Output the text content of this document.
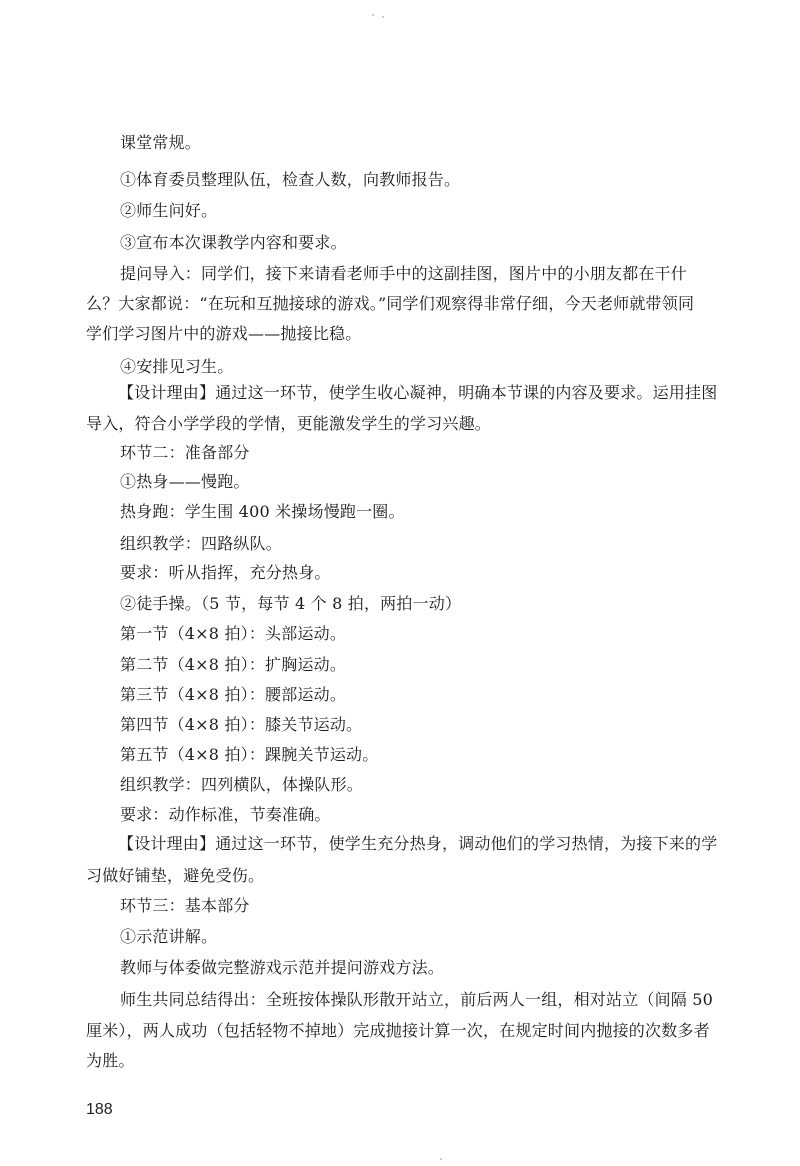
课堂常规。
①体育委员整理队伍，检查人数，向教师报告。
②师生问好。
③宣布本次课教学内容和要求。
提问导入：同学们，接下来请看老师手中的这副挂图，图片中的小朋友都在干什
么？大家都说：“在玩和互抛接球的游戏。”同学们观察得非常仔细，今天老师就带领同
学们学习图片中的游戏——抛接比稳。
④安排见习生。
【设计理由】通过这一环节，使学生收心凝神，明确本节课的内容及要求。运用挂图
导入，符合小学学段的学情，更能激发学生的学习兴趣。
环节二：准备部分
①热身——慢跑。
热身跑：学生围 400 米操场慢跑一圈。
组织教学：四路纵队。
要求：听从指挥，充分热身。
②徒手操。（5 节，每节 4 个 8 拍，两拍一动）
第一节（4×8 拍）：头部运动。
第二节（4×8 拍）：扩胸运动。
第三节（4×8 拍）：腰部运动。
第四节（4×8 拍）：膝关节运动。
第五节（4×8 拍）：踝腕关节运动。
组织教学：四列横队，体操队形。
要求：动作标准，节奏准确。
【设计理由】通过这一环节，使学生充分热身，调动他们的学习热情，为接下来的学
习做好铺垫，避免受伤。
环节三：基本部分
①示范讲解。
教师与体委做完整游戏示范并提问游戏方法。
师生共同总结得出：全班按体操队形散开站立，前后两人一组，相对站立（间隔 50
厘米），两人成功（包括轻物不掉地）完成抛接计算一次，在规定时间内抛接的次数多者
为胜。
188
